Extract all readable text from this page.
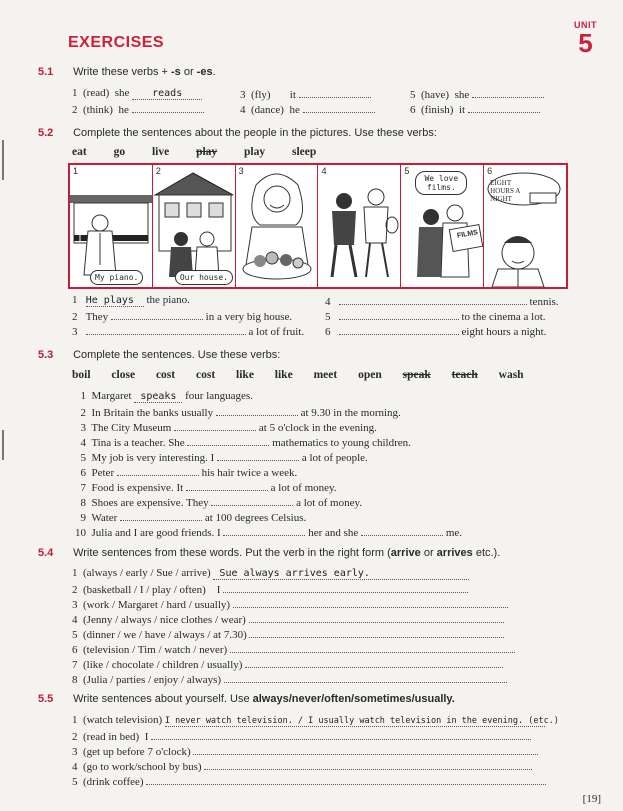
EXERCISES
UNIT
5
5.1 Write these verbs + -s or -es.
1 (read) she reads
2 (think) he
3 (fly) it
4 (dance) he
5 (have) she
6 (finish) it
5.2 Complete the sentences about the people in the pictures. Use these verbs:
eat go live play play sleep
1
My piano.
2
Our house.
3	4	5
We love films.
FILMS
6
EIGHT HOURS A NIGHT
1 He plays the piano.
2 They	in a very big house.
3	a lot of fruit.
4	tennis.
5	to the cinema a lot.
6	eight hours a night.
5.3 Complete the sentences. Use these verbs:
boil close cost cost like like meet open speak teach wash
1 Margaret speaks four languages.
2 In Britain the banks usually	at 9.30 in the morning.
3 The City Museum	at 5 o'clock in the evening.
4 Tina is a teacher. She	mathematics to young children.
5 My job is very interesting. I	a lot of people.
6 Peter	his hair twice a week.
7 Food is expensive. It	a lot of money.
8 Shoes are expensive. They	a lot of money.
9 Water	at 100 degrees Celsius.
10 Julia and I are good friends. I	her and she	me.
5.4 Write sentences from these words. Put the verb in the right form (arrive or arrives etc.).
1 (always / early / Sue / arrive) Sue always arrives early.
2 (basketball / I / play / often) I
3 (work / Margaret / hard / usually)
4 (Jenny / always / nice clothes / wear)
5 (dinner / we / have / always / at 7.30)
6 (television / Tim / watch / never)
7 (like / chocolate / children / usually)
8 (Julia / parties / enjoy / always)
5.5 Write sentences about yourself. Use always/never/often/sometimes/usually.
1 (watch television) I never watch television. / I usually watch television in the evening. (etc.)
2 (read in bed) I
3 (get up before 7 o'clock)
4 (go to work/school by bus)
5 (drink coffee)
[19]
